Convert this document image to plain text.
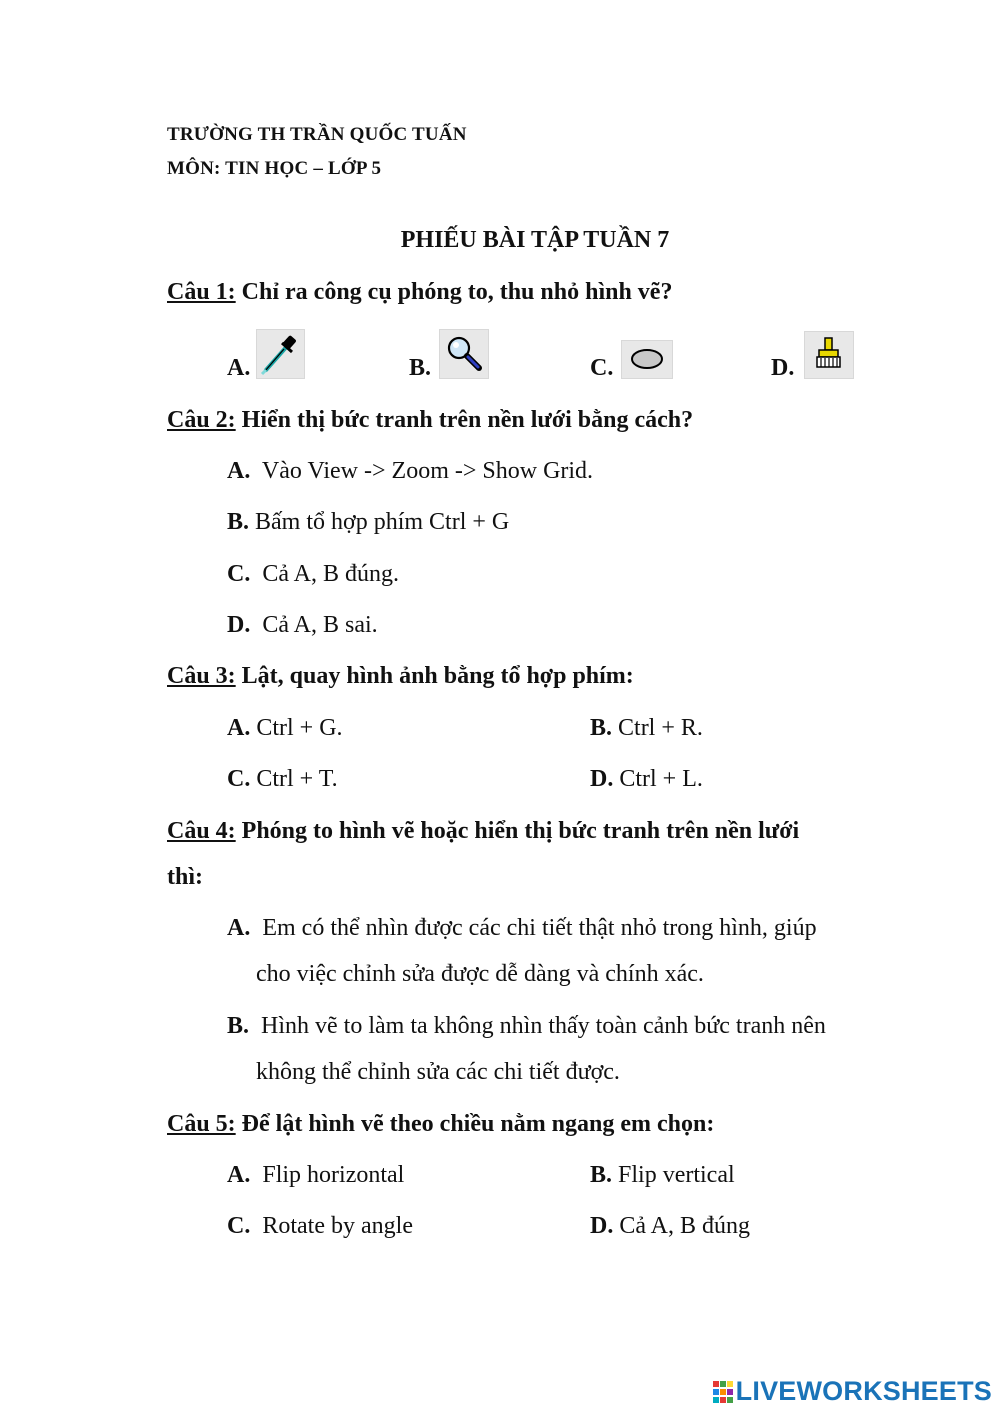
TRƯỜNG TH TRẦN QUỐC TUẤN
MÔN: TIN HỌC – LỚP 5
PHIẾU BÀI TẬP TUẦN 7
Câu 1: Chỉ ra công cụ phóng to, thu nhỏ hình vẽ?
A.	B.	C.	D.
Câu 2: Hiển thị bức tranh trên nền lưới bằng cách?
A.  Vào View -> Zoom -> Show Grid.
B. Bấm tổ hợp phím Ctrl + G
C.  Cả A, B đúng.
D.  Cả A, B sai.
Câu 3: Lật, quay hình ảnh bằng tổ hợp phím:
A. Ctrl + G.	B. Ctrl + R.
C. Ctrl + T.	D. Ctrl + L.
Câu 4: Phóng to hình vẽ hoặc hiển thị bức tranh trên nền lưới
thì:
A.  Em có thể nhìn được các chi tiết thật nhỏ trong hình, giúp
cho việc chỉnh sửa được dễ dàng và chính xác.
B.  Hình vẽ to làm ta không nhìn thấy toàn cảnh bức tranh nên
không thể chỉnh sửa các chi tiết được.
Câu 5: Để lật hình vẽ theo chiều nằm ngang em chọn:
A.  Flip horizontal	B. Flip vertical
C.  Rotate by angle	D. Cả A, B đúng
LIVEWORKSHEETS
